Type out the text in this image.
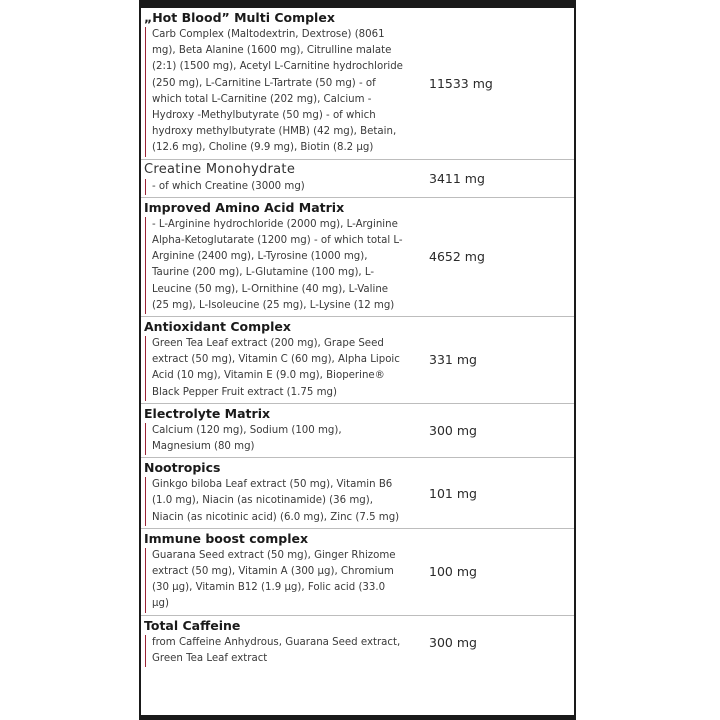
„Hot Blood” Multi Complex
Carb Complex (Maltodextrin, Dextrose) (8061 mg), Beta Alanine (1600 mg), Citrulline malate (2:1) (1500 mg), Acetyl L-Carnitine hydrochloride (250 mg), L-Carnitine L-Tartrate (50 mg) - of which total L-Carnitine (202 mg), Calcium - Hydroxy -Methylbutyrate (50 mg) - of which hydroxy methylbutyrate (HMB) (42 mg), Betain, (12.6 mg), Choline (9.9 mg), Biotin (8.2 µg)
11533 mg
Creatine Monohydrate
- of which Creatine (3000 mg)
3411 mg
Improved Amino Acid Matrix
- L-Arginine hydrochloride (2000 mg), L-Arginine Alpha-Ketoglutarate (1200 mg) - of which total L-Arginine (2400 mg), L-Tyrosine (1000 mg), Taurine (200 mg), L-Glutamine (100 mg), L-Leucine (50 mg), L-Ornithine (40 mg), L-Valine (25 mg), L-Isoleucine (25 mg), L-Lysine (12 mg)
4652 mg
Antioxidant Complex
Green Tea Leaf extract (200 mg), Grape Seed extract (50 mg), Vitamin C (60 mg), Alpha Lipoic Acid (10 mg), Vitamin E (9.0 mg), Bioperine® Black Pepper Fruit extract (1.75 mg)
331 mg
Electrolyte Matrix
Calcium (120 mg), Sodium (100 mg), Magnesium (80 mg)
300 mg
Nootropics
Ginkgo biloba Leaf extract (50 mg), Vitamin B6 (1.0 mg), Niacin (as nicotinamide) (36 mg), Niacin (as nicotinic acid) (6.0 mg), Zinc (7.5 mg)
101 mg
Immune boost complex
Guarana Seed extract (50 mg), Ginger Rhizome extract (50 mg), Vitamin A (300 µg), Chromium (30 µg), Vitamin B12 (1.9 µg), Folic acid (33.0 µg)
100 mg
Total Caffeine
from Caffeine Anhydrous, Guarana Seed extract, Green Tea Leaf extract
300 mg
